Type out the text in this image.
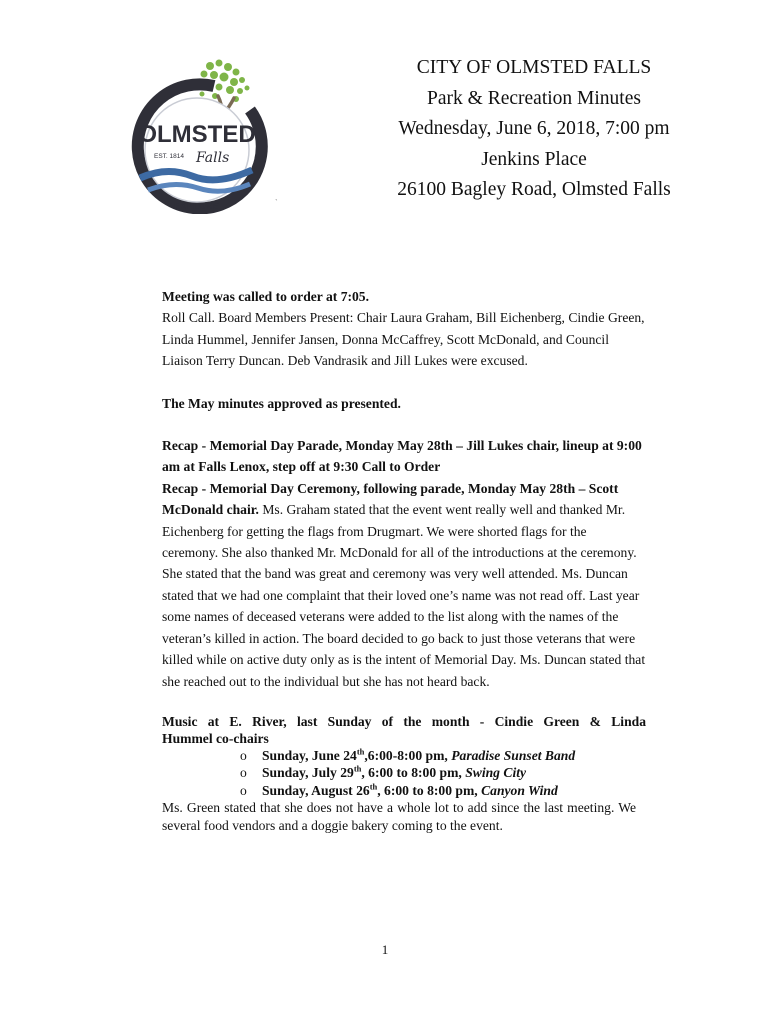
OLMSTED
EST. 1814 Falls
EXPLORE	`
CITY OF OLMSTED FALLS
Park & Recreation Minutes
Wednesday, June 6, 2018, 7:00 pm
Jenkins Place
26100 Bagley Road, Olmsted Falls

Meeting was called to order at 7:05.

Roll Call. Board Members Present: Chair Laura Graham, Bill Eichenberg, Cindie Green, Linda Hummel, Jennifer Jansen, Donna McCaffrey, Scott McDonald, and Council Liaison Terry Duncan. Deb Vandrasik and Jill Lukes were excused.

The May minutes approved as presented.

Recap - Memorial Day Parade, Monday May 28th – Jill Lukes chair, lineup at 9:00 am at Falls Lenox, step off at 9:30 Call to Order

Recap - Memorial Day Ceremony, following parade, Monday May 28th – Scott McDonald chair. Ms. Graham stated that the event went really well and thanked Mr. Eichenberg for getting the flags from Drugmart. We were shorted flags for the ceremony. She also thanked Mr. McDonald for all of the introductions at the ceremony. She stated that the band was great and ceremony was very well attended. Ms. Duncan stated that we had one complaint that their loved one’s name was not read off. Last year some names of deceased veterans were added to the list along with the names of the veteran’s killed in action. The board decided to go back to just those veterans that were killed while on active duty only as is the intent of Memorial Day. Ms. Duncan stated that she reached out to the individual but she has not heard back.

Music at E. River, last Sunday of the month - Cindie Green & Linda

Hummel co-chairs

o Sunday, June 24th,6:00-8:00 pm, Paradise Sunset Band
o Sunday, July 29th, 6:00 to 8:00 pm, Swing City
o Sunday, August 26th, 6:00 to 8:00 pm, Canyon Wind

Ms. Green stated that she does not have a whole lot to add since the last meeting. We several food vendors and a doggie bakery coming to the event.

1
